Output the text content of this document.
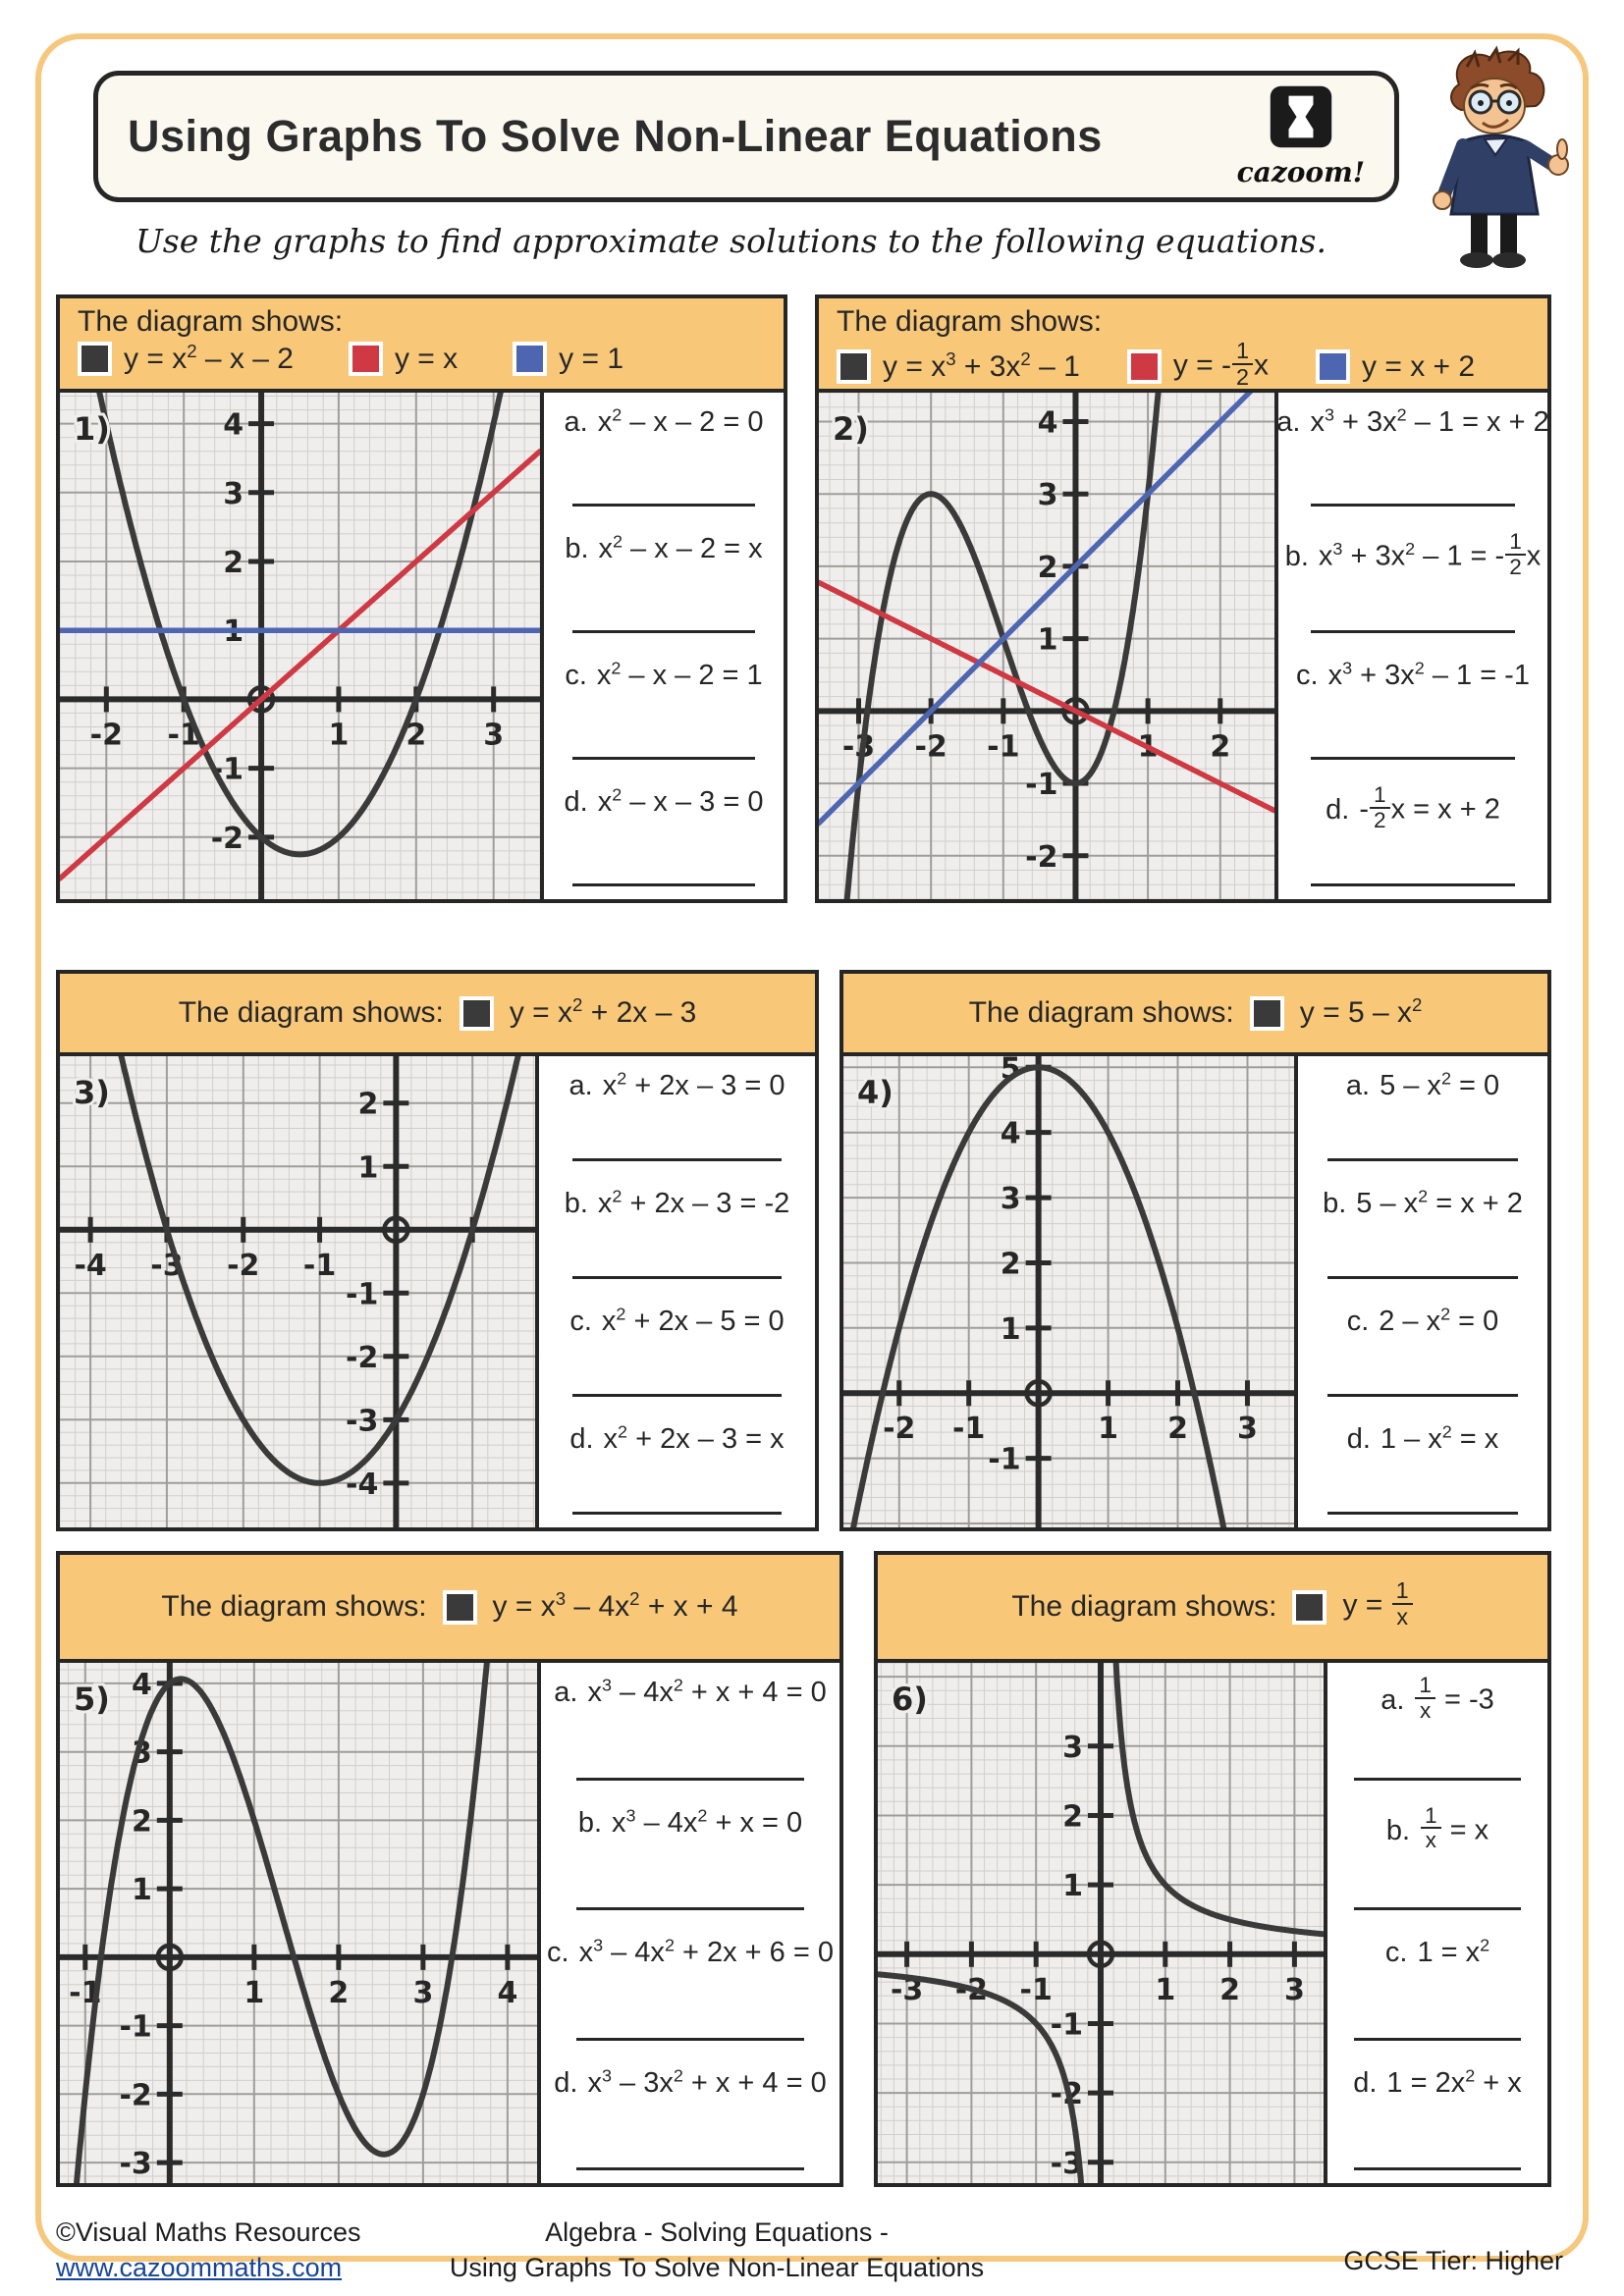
Using Graphs To Solve Non-Linear Equations
cazoom!
Use the graphs to find approximate solutions to the following equations.
The diagram shows:
$y = x^2 - x - 2$	y = x	y = 1
-2 -1	1 2 3
-2
-1
1
2
3
4
1)	a. $x^2 - x - 2 = 0$
b. $x^2 - x - 2 = x$
c. $x^2 - x - 2 = 1$
d. $x^2 - x - 3 = 0$
The diagram shows:
$y = x^3 + 3x^2 - 1$	y = - $\frac{1}{2}$ x	y = x + 2
-3 -2 -1	1 2
-2
-1
1
2
3
4
2)	a. $x^3 + 3x^2 - 1 = x + 2$
b. $x^3 + 3x^2 - 1$ = - $\frac{1}{2}$ x
c. $x^3 + 3x^2 - 1 = -1$
d. - $\frac{1}{2}$ x = x + 2
The diagram shows: $y = x^2 + 2x - 3$
-4 -3 -2 -1
-4
-3
-2
-1
1
2
3)	a. $x^2 + 2x - 3 = 0$
b. $x^2 + 2x - 3 = -2$
c. $x^2 + 2x - 5 = 0$
d. $x^2 + 2x - 3 = x$
The diagram shows: $y = 5 - x^2$
-2 -1	1 2 3
-1
1
2
3
4
5
4)	a. $5 - x^2 = 0$
b. $5 - x^2 = x + 2$
c. $2 - x^2 = 0$
d. $1 - x^2 = x$
The diagram shows: $y = x^3 - 4x^2 + x + 4$
-1	1 2 3 4
-3
-2
-1
1
2
3
4
5)	a. $x^3 - 4x^2 + x + 4 = 0$
b. $x^3 - 4x^2 + x = 0$
c. $x^3 - 4x^2 + 2x + 6 = 0$
d. $x^3 - 3x^2 + x + 4 = 0$
The diagram shows: $y = \frac{1}{x}$
-3 -2 -1	1 2 3
-3
-2
-1
1
2
3
6)	a. $\frac{1}{x} = -3$
b. $\frac{1}{x} = x$
c. $1 = x^2$
d. $1 = 2x^2 + x$
©Visual Maths Resources
www.cazoommaths.com
Algebra - Solving Equations -
Using Graphs To Solve Non-Linear Equations	GCSE Tier: Higher
